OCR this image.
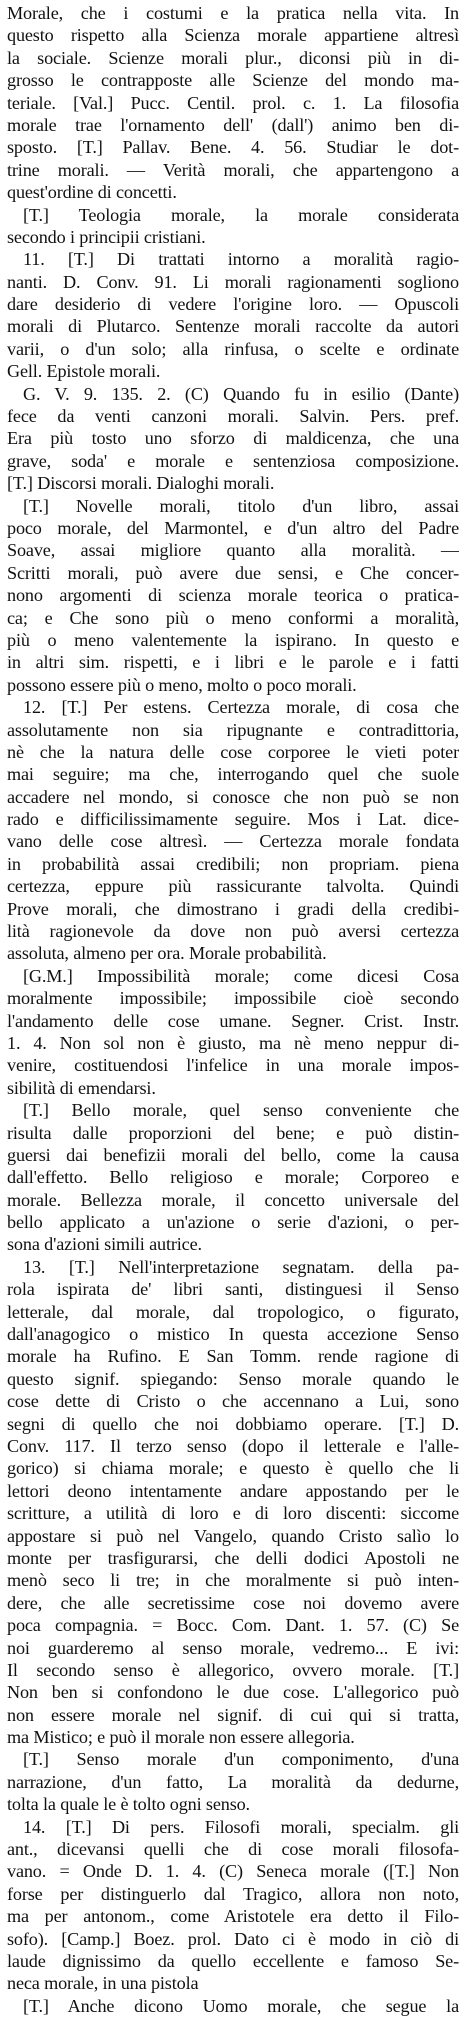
Morale, che i costumi e la pratica nella vita. In
questo rispetto alla Scienza morale appartiene altresì
la sociale. Scienze morali plur., diconsi più in di-
grosso le contrapposte alle Scienze del mondo ma-
teriale. [Val.] Pucc. Centil. prol. c. 1. La filosofia
morale trae l'ornamento dell' (dall') animo ben di-
sposto. [T.] Pallav. Bene. 4. 56. Studiar le dot-
trine morali. — Verità morali, che appartengono a
quest'ordine di concetti.
[T.] Teologia morale, la morale considerata
secondo i principii cristiani.
11. [T.] Di trattati intorno a moralità ragio-
nanti. D. Conv. 91. Li morali ragionamenti sogliono
dare desiderio di vedere l'origine loro. — Opuscoli
morali di Plutarco. Sentenze morali raccolte da autori
varii, o d'un solo; alla rinfusa, o scelte e ordinate
Gell. Epistole morali.
G. V. 9. 135. 2. (C) Quando fu in esilio (Dante)
fece da venti canzoni morali. Salvin. Pers. pref.
Era più tosto uno sforzo di maldicenza, che una
grave, soda' e morale e sentenziosa composizione.
[T.] Discorsi morali. Dialoghi morali.
[T.] Novelle morali, titolo d'un libro, assai
poco morale, del Marmontel, e d'un altro del Padre
Soave, assai migliore quanto alla moralità. —
Scritti morali, può avere due sensi, e Che concer-
nono argomenti di scienza morale teorica o pratica-
ca; e Che sono più o meno conformi a moralità,
più o meno valentemente la ispirano. In questo e
in altri sim. rispetti, e i libri e le parole e i fatti
possono essere più o meno, molto o poco morali.
12. [T.] Per estens. Certezza morale, di cosa che
assolutamente non sia ripugnante e contradittoria,
nè che la natura delle cose corporee le vieti poter
mai seguire; ma che, interrogando quel che suole
accadere nel mondo, si conosce che non può se non
rado e difficilissimamente seguire. Mos i Lat. dice-
vano delle cose altresì. — Certezza morale fondata
in probabilità assai credibili; non propriam. piena
certezza, eppure più rassicurante talvolta. Quindi
Prove morali, che dimostrano i gradi della credibi-
lità ragionevole da dove non può aversi certezza
assoluta, almeno per ora. Morale probabilità.
[G.M.] Impossibilità morale; come dicesi Cosa
moralmente impossibile; impossibile cioè secondo
l'andamento delle cose umane. Segner. Crist. Instr.
1. 4. Non sol non è giusto, ma nè meno neppur di-
venire, costituendosi l'infelice in una morale impos-
sibilità di emendarsi.
[T.] Bello morale, quel senso conveniente che
risulta dalle proporzioni del bene; e può distin-
guersi dai benefizii morali del bello, come la causa
dall'effetto. Bello religioso e morale; Corporeo e
morale. Bellezza morale, il concetto universale del
bello applicato a un'azione o serie d'azioni, o per-
sona d'azioni simili autrice.
13. [T.] Nell'interpretazione segnatam. della pa-
rola ispirata de' libri santi, distinguesi il Senso
letterale, dal morale, dal tropologico, o figurato,
dall'anagogico o mistico In questa accezione Senso
morale ha Rufino. E San Tomm. rende ragione di
questo signif. spiegando: Senso morale quando le
cose dette di Cristo o che accennano a Lui, sono
segni di quello che noi dobbiamo operare. [T.] D.
Conv. 117. Il terzo senso (dopo il letterale e l'alle-
gorico) si chiama morale; e questo è quello che li
lettori deono intentamente andare appostando per le
scritture, a utilità di loro e di loro discenti: siccome
appostare si può nel Vangelo, quando Cristo salìo lo
monte per trasfigurarsi, che delli dodici Apostoli ne
menò seco li tre; in che moralmente si può inten-
dere, che alle secretissime cose noi dovemo avere
poca compagnia. = Bocc. Com. Dant. 1. 57. (C) Se
noi guarderemo al senso morale, vedremo... E ivi:
Il secondo senso è allegorico, ovvero morale. [T.]
Non ben si confondono le due cose. L'allegorico può
non essere morale nel signif. di cui qui si tratta,
ma Mistico; e può il morale non essere allegoria.
[T.] Senso morale d'un componimento, d'una
narrazione, d'un fatto, La moralità da dedurne,
tolta la quale le è tolto ogni senso.
14. [T.] Di pers. Filosofi morali, specialm. gli
ant., dicevansi quelli che di cose morali filosofa-
vano. = Onde D. 1. 4. (C) Seneca morale ([T.] Non
forse per distinguerlo dal Tragico, allora non noto,
ma per antonom., come Aristotele era detto il Filo-
sofo). [Camp.] Boez. prol. Dato ci è modo in ciò di
laude dignissimo da quello eccellente e famoso Se-
neca morale, in una pistola
[T.] Anche dicono Uomo morale, che segue la
